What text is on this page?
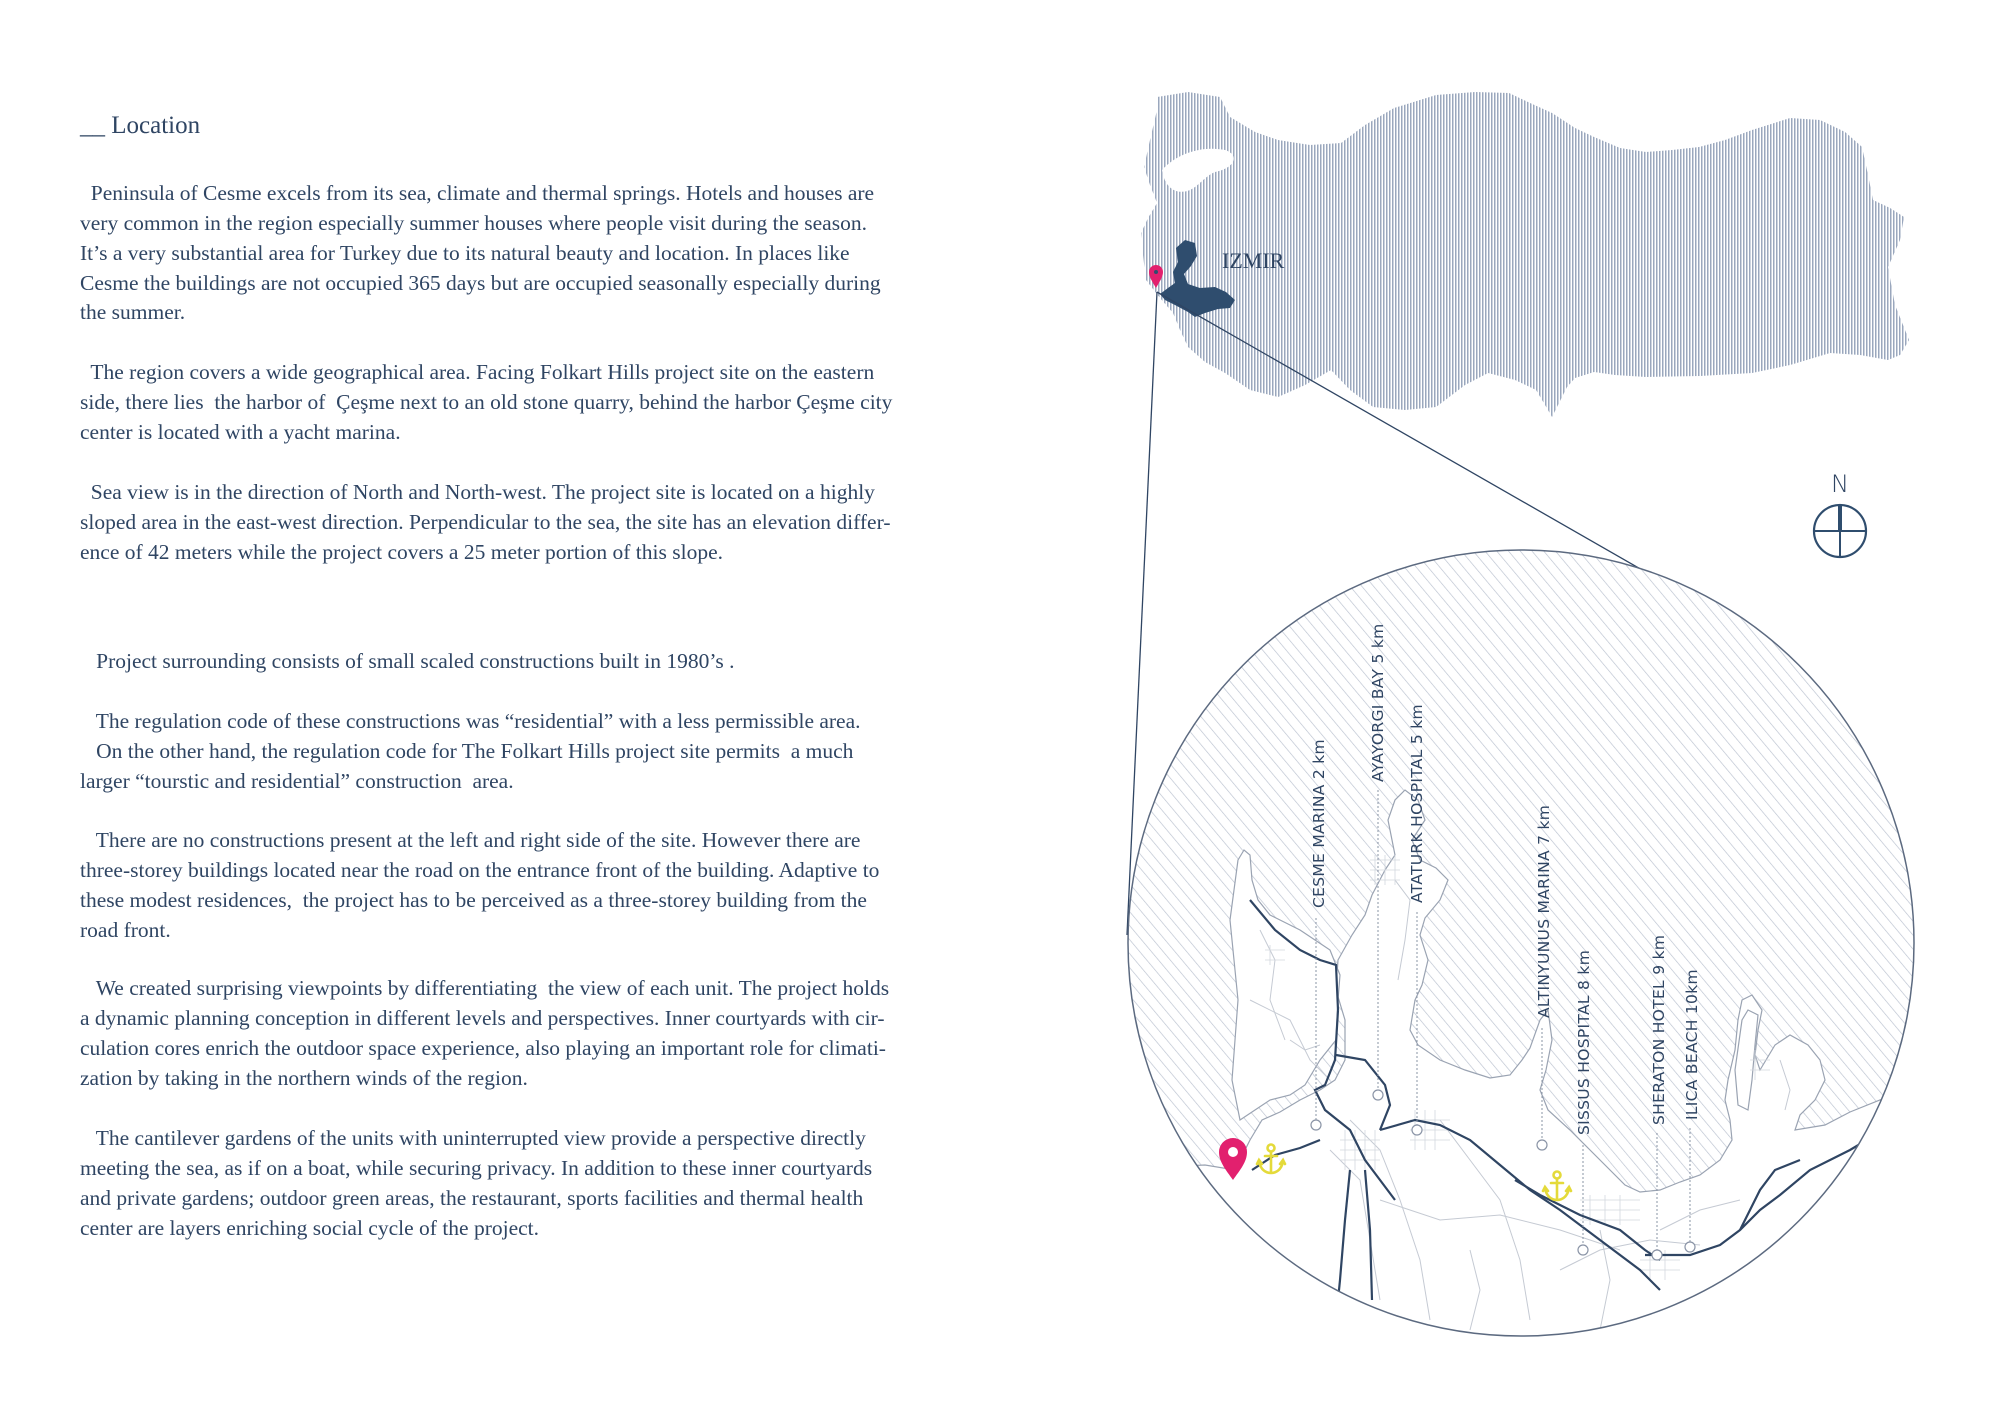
__ Location
Peninsula of Cesme excels from its sea, climate and thermal springs. Hotels and houses are
very common in the region especially summer houses where people visit during the season.
It’s a very substantial area for Turkey due to its natural beauty and location. In places like
Cesme the buildings are not occupied 365 days but are occupied seasonally especially during
the summer.
The region covers a wide geographical area. Facing Folkart Hills project site on the eastern
side, there lies  the harbor of  Çeşme next to an old stone quarry, behind the harbor Çeşme city
center is located with a yacht marina.
Sea view is in the direction of North and North-west. The project site is located on a highly
sloped area in the east-west direction. Perpendicular to the sea, the site has an elevation differ-
ence of 42 meters while the project covers a 25 meter portion of this slope.
Project surrounding consists of small scaled constructions built in 1980’s .
The regulation code of these constructions was “residential” with a less permissible area.
On the other hand, the regulation code for The Folkart Hills project site permits  a much
larger “tourstic and residential” construction  area.
There are no constructions present at the left and right side of the site. However there are
three-storey buildings located near the road on the entrance front of the building. Adaptive to
these modest residences,  the project has to be perceived as a three-storey building from the
road front.
We created surprising viewpoints by differentiating  the view of each unit. The project holds
a dynamic planning conception in different levels and perspectives. Inner courtyards with cir-
culation cores enrich the outdoor space experience, also playing an important role for climati-
zation by taking in the northern winds of the region.
The cantilever gardens of the units with uninterrupted view provide a perspective directly
meeting the sea, as if on a boat, while securing privacy. In addition to these inner courtyards
and private gardens; outdoor green areas, the restaurant, sports facilities and thermal health
center are layers enriching social cycle of the project.
IZMIR
N
CESME MARINA 2 km
AYAYORGI BAY 5 km
ATATURK HOSPITAL 5 km
ALTINYUNUS MARINA 7 km
SISSUS HOSPITAL 8 km	SHERATON HOTEL 9 km ILICA BEACH 10km
